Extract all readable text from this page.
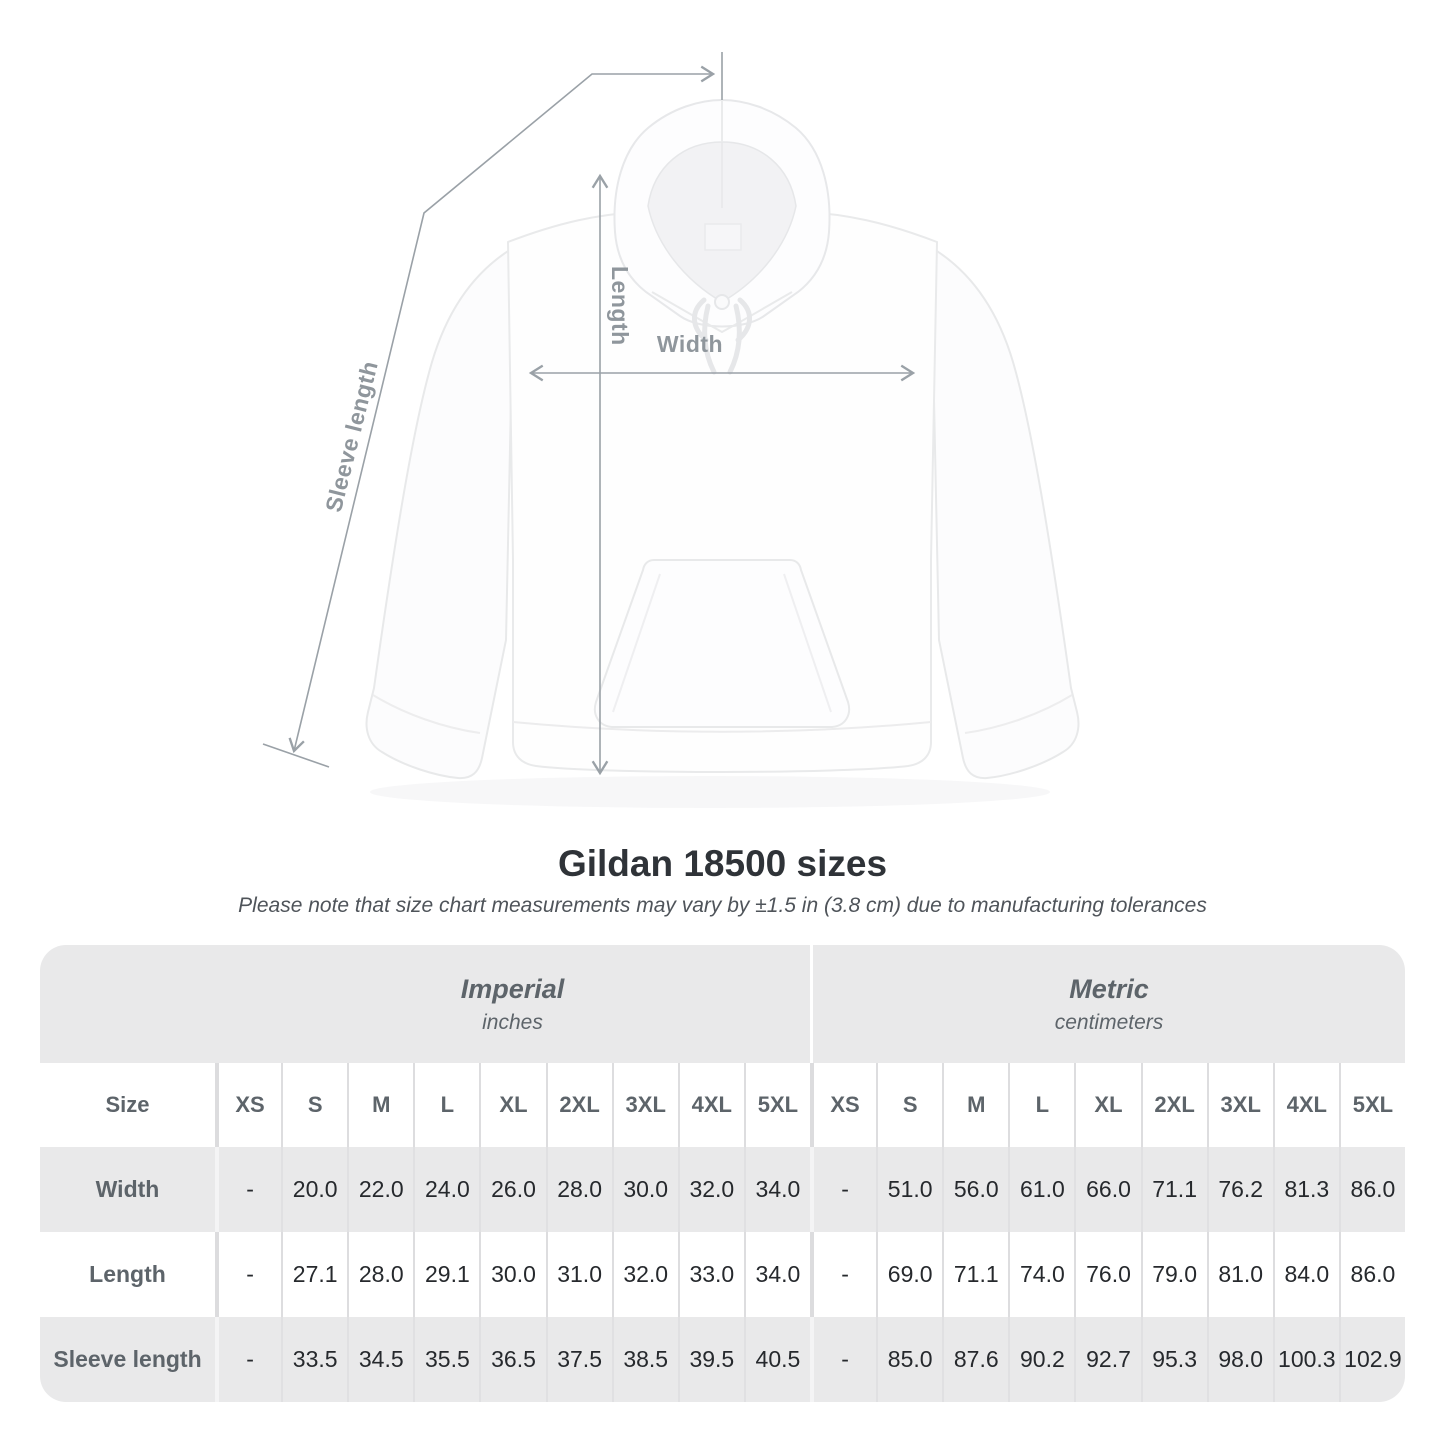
Length	Width
Sleeve length
Gildan 18500 sizes
Please note that size chart measurements may vary by ±1.5 in (3.8 cm) due to manufacturing tolerances
Imperial
inches
Metric
centimeters
Size	XS	S	M	L	XL	2XL	3XL	4XL	5XL	XS	S	M	L	XL	2XL	3XL	4XL	5XL
Width	-	20.0 22.0 24.0 26.0 28.0 30.0 32.0 34.0	-	51.0 56.0 61.0 66.0 71.1 76.2 81.3 86.0
Length	-	27.1 28.0 29.1 30.0 31.0 32.0 33.0 34.0	-	69.0 71.1 74.0 76.0 79.0 81.0 84.0 86.0
Sleeve length	-	33.5 34.5 35.5 36.5 37.5 38.5 39.5 40.5	-	85.0 87.6 90.2 92.7 95.3 98.0 100.3 102.9
